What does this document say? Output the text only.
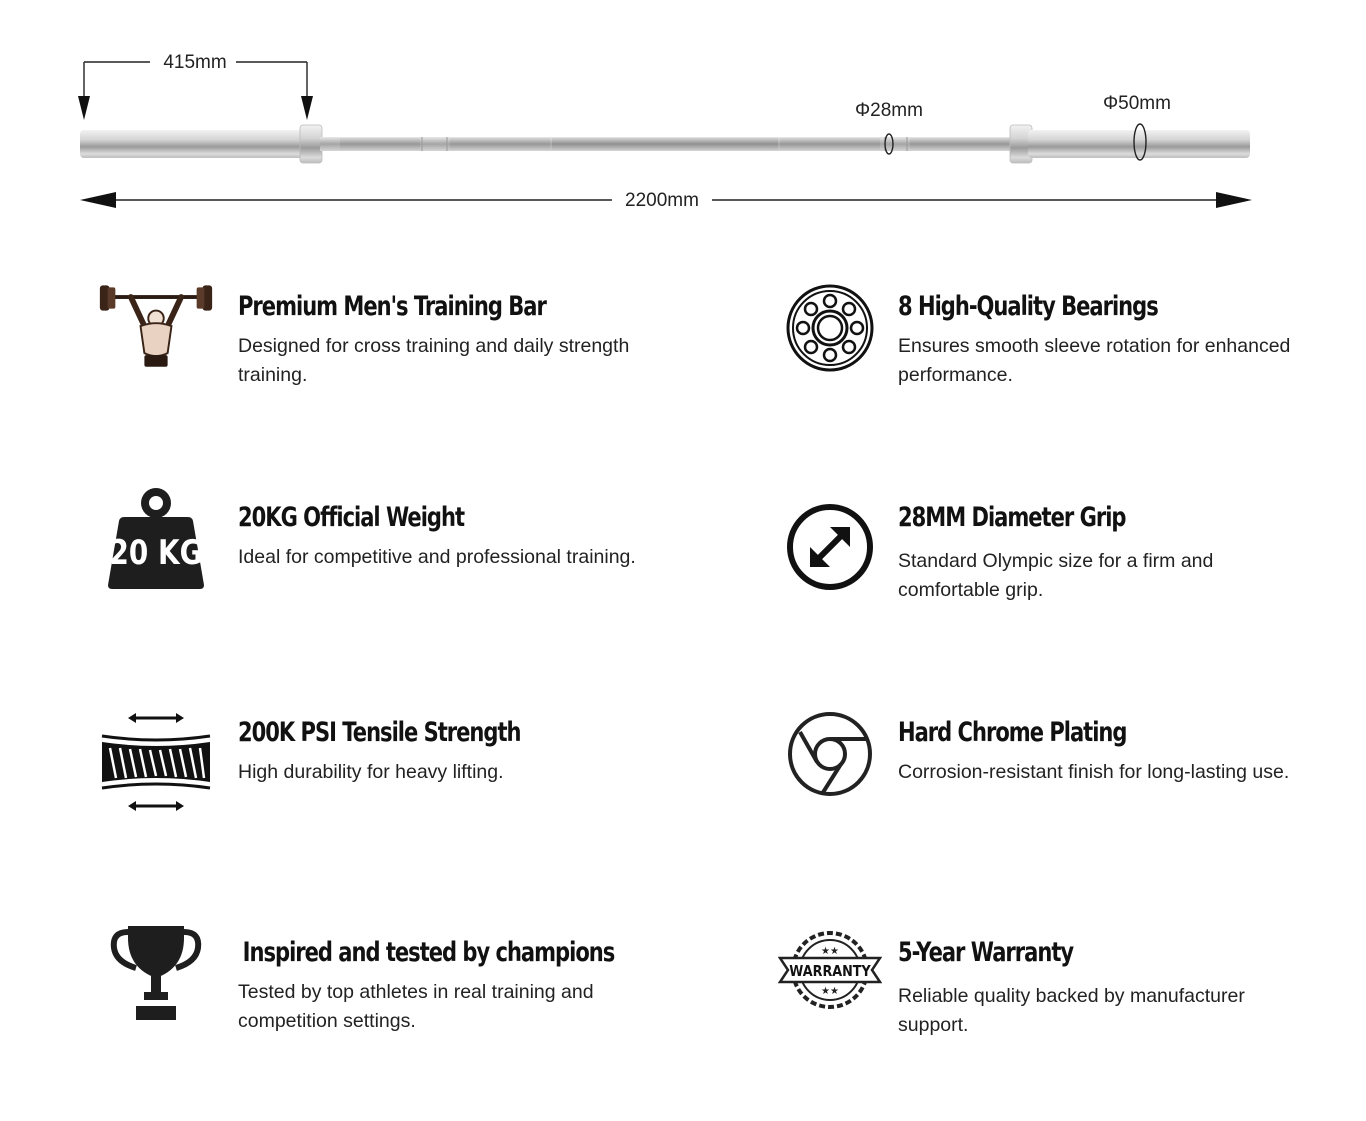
415mm
Φ28mm	Φ50mm
2200mm
Premium Men's Training Bar

Designed for cross training and daily strength training.

8 High-Quality Bearings

Ensures smooth sleeve rotation for enhanced performance.

20 KG
20KG Official Weight

Ideal for competitive and professional training.

28MM Diameter Grip

Standard Olympic size for a firm and comfortable grip.

200K PSI Tensile Strength

High durability for heavy lifting.

Hard Chrome Plating

Corrosion-resistant finish for long-lasting use.

Inspired and tested by champions

Tested by top athletes in real training and competition settings.

WARRANTY
★★
★★
5-Year Warranty

Reliable quality backed by manufacturer support.
